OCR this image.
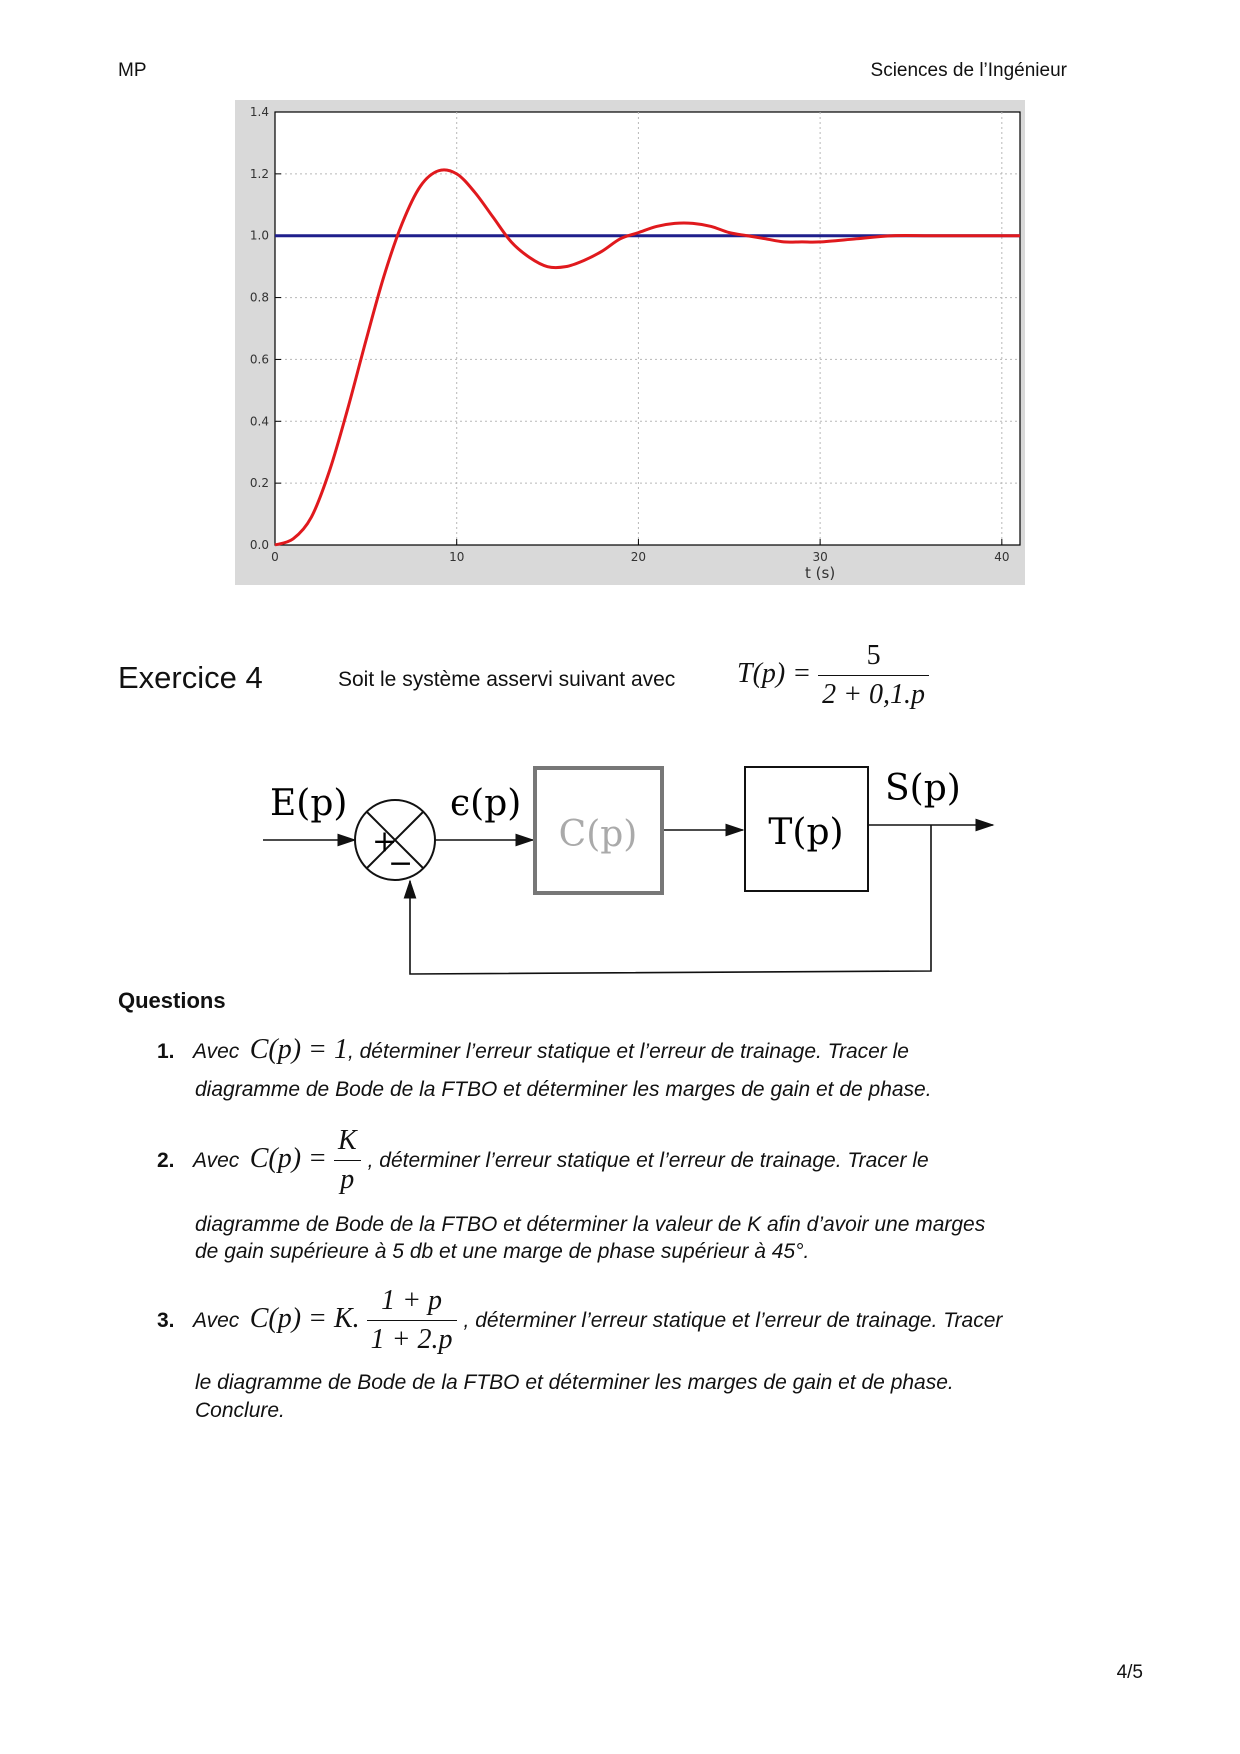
MP	Sciences de l’Ingénieur
0	10	20	30	40
0.0
0.2
0.4
0.6
0.8
1.0
1.2
1.4
t (s)
Exercice 4	Soit le système asservi suivant avec $T(p) = \frac{5}{2 + 0,1.p}$
E(p)
+
−
ϵ(p)
C(p)	T(p)
S(p)
Questions
1. Avec C(p) = 1, déterminer l’erreur statique et l’erreur de trainage. Tracer le
diagramme de Bode de la FTBO et déterminer les marges de gain et de phase.
2. Avec $C(p) = \frac{K}{p}$ , déterminer l’erreur statique et l’erreur de trainage. Tracer le
diagramme de Bode de la FTBO et déterminer la valeur de K afin d’avoir une marges
de gain supérieure à 5 db et une marge de phase supérieur à 45°.
3. Avec C(p) = K. $\frac{1 + p}{1 + 2.p}$ , déterminer l’erreur statique et l’erreur de trainage. Tracer
le diagramme de Bode de la FTBO et déterminer les marges de gain et de phase.
Conclure.
4/5
